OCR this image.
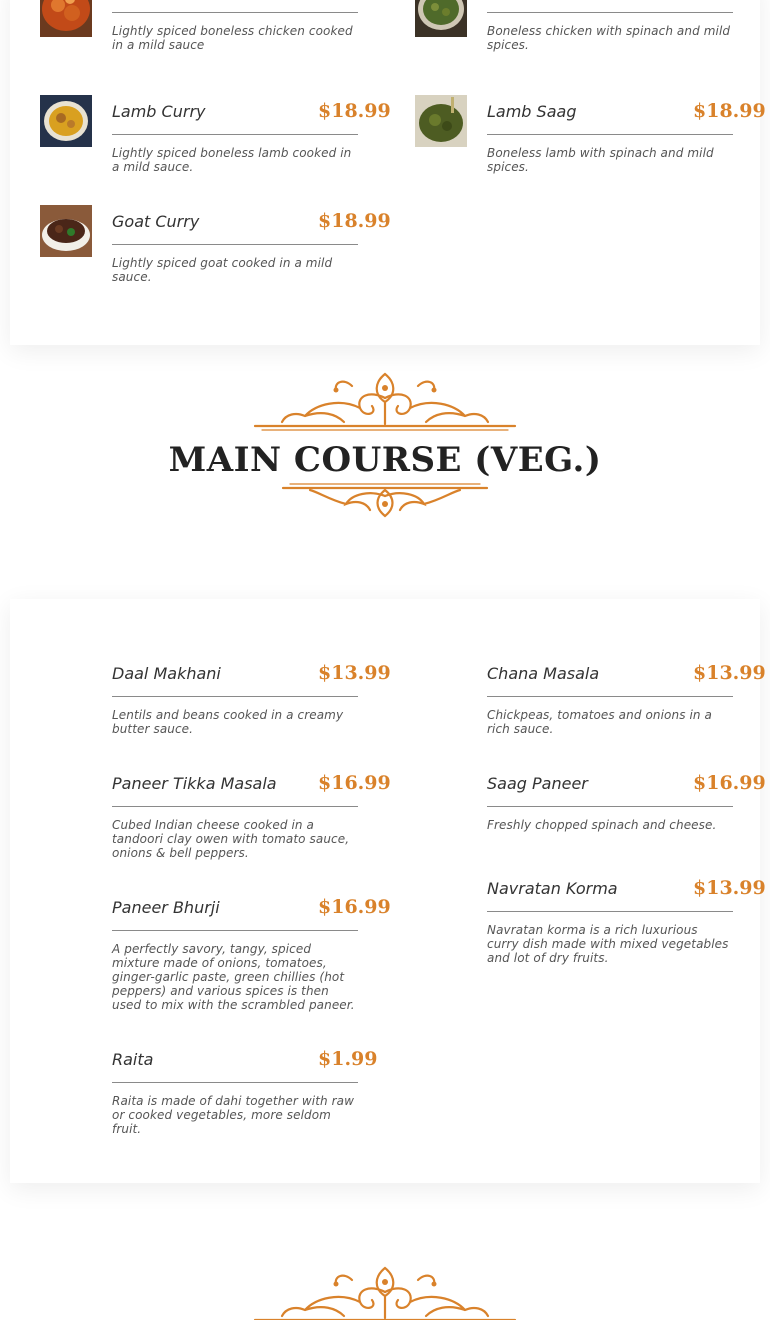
Lightly spiced boneless chicken cooked in a mild sauce
Boneless chicken with spinach and mild spices.
Lamb Curry	$18.99
Lightly spiced boneless lamb cooked in a mild sauce.
Lamb Saag	$18.99
Boneless lamb with spinach and mild spices.
Goat Curry	$18.99
Lightly spiced goat cooked in a mild sauce.
MAIN COURSE (VEG.)
Daal Makhani	$13.99
Lentils and beans cooked in a creamy butter sauce.
Chana Masala	$13.99
Chickpeas, tomatoes and onions in a rich sauce.
Paneer Tikka Masala $16.99
Cubed Indian cheese cooked in a tandoori clay owen with tomato sauce, onions & bell peppers.
Saag Paneer	$16.99
Freshly chopped spinach and cheese.
Paneer Bhurji	$16.99
A perfectly savory, tangy, spiced mixture made of onions, tomatoes, ginger-garlic paste, green chillies (hot peppers) and various spices is then used to mix with the scrambled paneer.
Navratan Korma	$13.99
Navratan korma is a rich luxurious curry dish made with mixed vegetables and lot of dry fruits.
Raita	$1.99
Raita is made of dahi together with raw or cooked vegetables, more seldom fruit.
